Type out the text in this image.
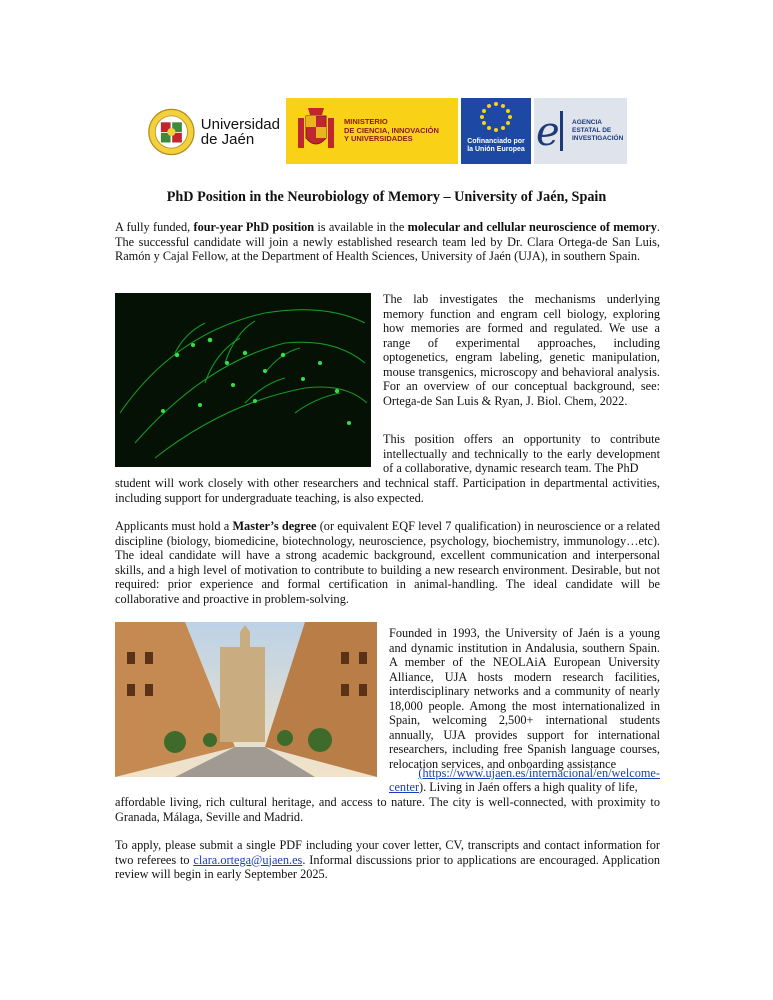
Universidad
de Jaén
MINISTERIO
DE CIENCIA, INNOVACIÓN
Y UNIVERSIDADES	Cofinanciado por
la Unión Europea e AGENCIA
ESTATAL DE
INVESTIGACIÓN
PhD Position in the Neurobiology of Memory – University of Jaén, Spain

A fully funded, four-year PhD position is available in the molecular and cellular neuroscience of memory. The successful candidate will join a newly established research team led by Dr. Clara Ortega-de San Luis, Ramón y Cajal Fellow, at the Department of Health Sciences, University of Jaén (UJA), in southern Spain.

The lab investigates the mechanisms underlying memory function and engram cell biology, exploring how memories are formed and regulated. We use a range of experimental approaches, including optogenetics, engram labeling, genetic manipulation, mouse transgenics, microscopy and behavioral analysis. For an overview of our conceptual background, see: Ortega-de San Luis & Ryan, J. Biol. Chem, 2022.

This position offers an opportunity to contribute intellectually and technically to the early development of a collaborative, dynamic research team. The PhD

student will work closely with other researchers and technical staff. Participation in departmental activities, including support for undergraduate teaching, is also expected.

Applicants must hold a Master’s degree (or equivalent EQF level 7 qualification) in neuroscience or a related discipline (biology, biomedicine, biotechnology, neuroscience, psychology, biochemistry, immunology…etc). The ideal candidate will have a strong academic background, excellent communication and interpersonal skills, and a high level of motivation to contribute to building a new research environment. Desirable, but not required: prior experience and formal certification in animal-handling. The ideal candidate will be collaborative and proactive in problem-solving.

Founded in 1993, the University of Jaén is a young and dynamic institution in Andalusia, southern Spain. A member of the NEOLAiA European University Alliance, UJA hosts modern research facilities, interdisciplinary networks and a community of nearly 18,000 people. Among the most internationalized in Spain, welcoming 2,500+ international students annually, UJA provides support for international researchers, including free Spanish language courses, relocation services, and onboarding assistance

(https://www.ujaen.es/internacional/en/welcome-

center). Living in Jaén offers a high quality of life,

affordable living, rich cultural heritage, and access to nature. The city is well-connected, with proximity to Granada, Málaga, Seville and Madrid.

To apply, please submit a single PDF including your cover letter, CV, transcripts and contact information for two referees to clara.ortega@ujaen.es. Informal discussions prior to applications are encouraged. Application review will begin in early September 2025.
